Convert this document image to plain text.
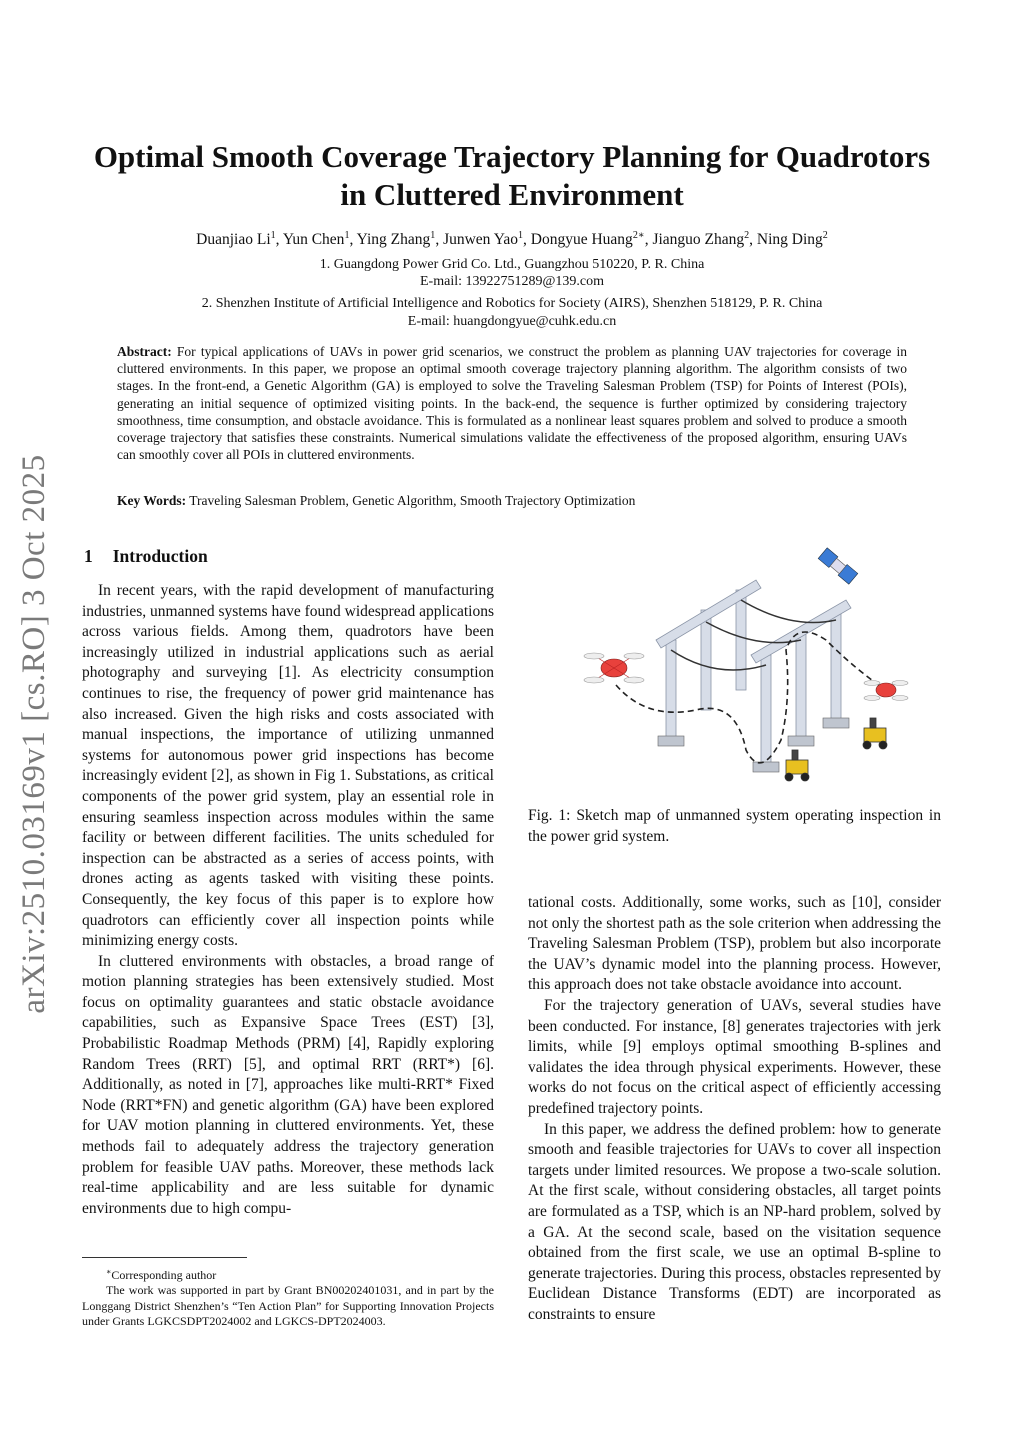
arXiv:2510.03169v1 [cs.RO] 3 Oct 2025
Optimal Smooth Coverage Trajectory Planning for Quadrotors
in Cluttered Environment
Duanjiao Li$^1$, Yun Chen$^1$, Ying Zhang$^1$, Junwen Yao$^1$, Dongyue Huang$^{2∗}$, Jianguo Zhang$^2$, Ning Ding$^2$
1. Guangdong Power Grid Co. Ltd., Guangzhou 510220, P. R. China
E-mail: 13922751289@139.com
2. Shenzhen Institute of Artificial Intelligence and Robotics for Society (AIRS), Shenzhen 518129, P. R. China
E-mail: huangdongyue@cuhk.edu.cn
Abstract: For typical applications of UAVs in power grid scenarios, we construct the problem as planning UAV trajectories for coverage in cluttered environments. In this paper, we propose an optimal smooth coverage trajectory planning algorithm. The algorithm consists of two stages. In the front-end, a Genetic Algorithm (GA) is employed to solve the Traveling Salesman Problem (TSP) for Points of Interest (POIs), generating an initial sequence of optimized visiting points. In the back-end, the sequence is further optimized by considering trajectory smoothness, time consumption, and obstacle avoidance. This is formulated as a nonlinear least squares problem and solved to produce a smooth coverage trajectory that satisfies these constraints. Numerical simulations validate the effectiveness of the proposed algorithm, ensuring UAVs can smoothly cover all POIs in cluttered environments.
Key Words: Traveling Salesman Problem, Genetic Algorithm, Smooth Trajectory Optimization
1 Introduction

In recent years, with the rapid development of manufacturing industries, unmanned systems have found widespread applications across various fields. Among them, quadrotors have been increasingly utilized in industrial applications such as aerial photography and surveying [1]. As electricity consumption continues to rise, the frequency of power grid maintenance has also increased. Given the high risks and costs associated with manual inspections, the importance of utilizing unmanned systems for autonomous power grid inspections has become increasingly evident [2], as shown in Fig 1. Substations, as critical components of the power grid system, play an essential role in ensuring seamless inspection across modules within the same facility or between different facilities. The units scheduled for inspection can be abstracted as a series of access points, with drones acting as agents tasked with visiting these points. Consequently, the key focus of this paper is to explore how quadrotors can efficiently cover all inspection points while minimizing energy costs.

In cluttered environments with obstacles, a broad range of motion planning strategies has been extensively studied. Most focus on optimality guarantees and static obstacle avoidance capabilities, such as Expansive Space Trees (EST) [3], Probabilistic Roadmap Methods (PRM) [4], Rapidly exploring Random Trees (RRT) [5], and optimal RRT (RRT*) [6]. Additionally, as noted in [7], approaches like multi-RRT* Fixed Node (RRT*FN) and genetic algorithm (GA) have been explored for UAV motion planning in cluttered environments. Yet, these methods fail to adequately address the trajectory generation problem for feasible UAV paths. Moreover, these methods lack real-time applicability and are less suitable for dynamic environments due to high compu-

Fig. 1: Sketch map of unmanned system operating inspection in the power grid system.

tational costs. Additionally, some works, such as [10], consider not only the shortest path as the sole criterion when addressing the Traveling Salesman Problem (TSP), problem but also incorporate the UAV’s dynamic model into the planning process. However, this approach does not take obstacle avoidance into account.

For the trajectory generation of UAVs, several studies have been conducted. For instance, [8] generates trajectories with jerk limits, while [9] employs optimal smoothing B-splines and validates the idea through physical experiments. However, these works do not focus on the critical aspect of efficiently accessing predefined trajectory points.

In this paper, we address the defined problem: how to generate smooth and feasible trajectories for UAVs to cover all inspection targets under limited resources. We propose a two-scale solution. At the first scale, without considering obstacles, all target points are formulated as a TSP, which is an NP-hard problem, solved by a GA. At the second scale, based on the visitation sequence obtained from the first scale, we use an optimal B-spline to generate trajectories. During this process, obstacles represented by Euclidean Distance Transforms (EDT) are incorporated as constraints to ensure

∗Corresponding author

The work was supported in part by Grant BN00202401031, and in part by the Longgang District Shenzhen’s “Ten Action Plan” for Supporting Innovation Projects under Grants LGKCSDPT2024002 and LGKCS-DPT2024003.
